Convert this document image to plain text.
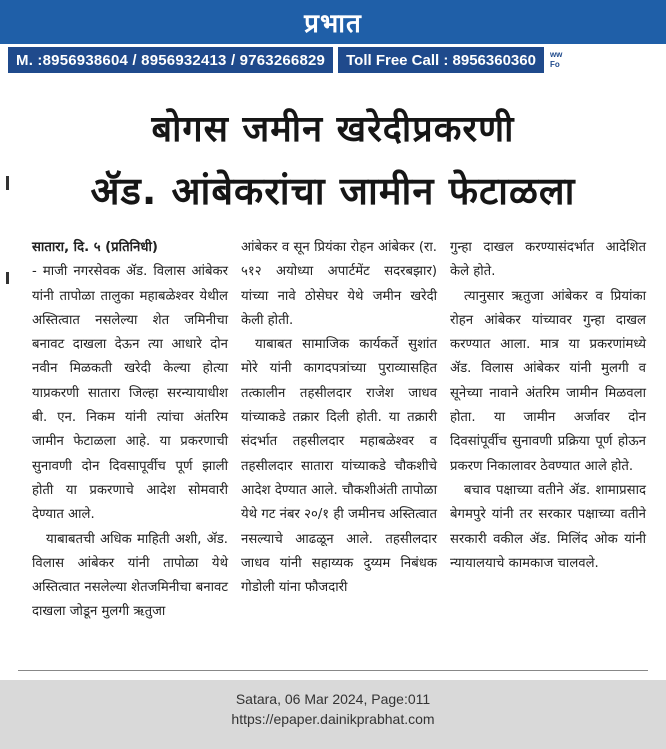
प्रभात
M. :8956938604 / 8956932413 / 9763266829	Toll Free Call : 8956360360	ww
Fo
बोगस जमीन खरेदीप्रकरणी
ॲड. आंबेकरांचा जामीन फेटाळला

सातारा, दि. ५ (प्रतिनिधी)
- माजी नगरसेवक ॲड. विलास आंबेकर यांनी तापोळा तालुका महाबळेश्वर येथील अस्तित्वात नसलेल्या शेत जमिनीचा बनावट दाखला देऊन त्या आधारे दोन नवीन मिळकती खरेदी केल्या होत्या याप्रकरणी सातारा जिल्हा सरन्यायाधीश बी. एन. निकम यांनी त्यांचा अंतरिम जामीन फेटाळला आहे. या प्रकरणाची सुनावणी दोन दिवसापूर्वीच पूर्ण झाली होती या प्रकरणाचे आदेश सोमवारी देण्यात आले.

याबाबतची अधिक माहिती अशी, ॲड. विलास आंबेकर यांनी तापोळा येथे अस्तित्वात नसलेल्या शेतजमिनीचा बनावट दाखला जोडून मुलगी ऋतुजा

आंबेकर व सून प्रियंका रोहन आंबेकर (रा. ५१२ अयोध्या अपार्टमेंट सदरबझार) यांच्या नावे ठोसेघर येथे जमीन खरेदी केली होती.

याबाबत सामाजिक कार्यकर्ते सुशांत मोरे यांनी कागदपत्रांच्या पुराव्यासहित तत्कालीन तहसीलदार राजेश जाधव यांच्याकडे तक्रार दिली होती. या तक्रारी संदर्भात तहसीलदार महाबळेश्वर व तहसीलदार सातारा यांच्याकडे चौकशीचे आदेश देण्यात आले. चौकशीअंती तापोळा येथे गट नंबर २०/१ ही जमीनच अस्तित्वात नसल्याचे आढळून आले. तहसीलदार जाधव यांनी सहाय्यक दुय्यम निबंधक गोडोली यांना फौजदारी

गुन्हा दाखल करण्यासंदर्भात आदेशित केले होते.

त्यानुसार ऋतुजा आंबेकर व प्रियांका रोहन आंबेकर यांच्यावर गुन्हा दाखल करण्यात आला. मात्र या प्रकरणांमध्ये ॲड. विलास आंबेकर यांनी मुलगी व सूनेच्या नावाने अंतरिम जामीन मिळवला होता. या जामीन अर्जावर दोन दिवसांपूर्वीच सुनावणी प्रक्रिया पूर्ण होऊन प्रकरण निकालावर ठेवण्यात आले होते.

बचाव पक्षाच्या वतीने ॲड. शामाप्रसाद बेगमपुरे यांनी तर सरकार पक्षाच्या वतीने सरकारी वकील ॲड. मिलिंद ओक यांनी न्यायालयाचे कामकाज चालवले.

Satara, 06 Mar 2024, Page:011
https://epaper.dainikprabhat.com
